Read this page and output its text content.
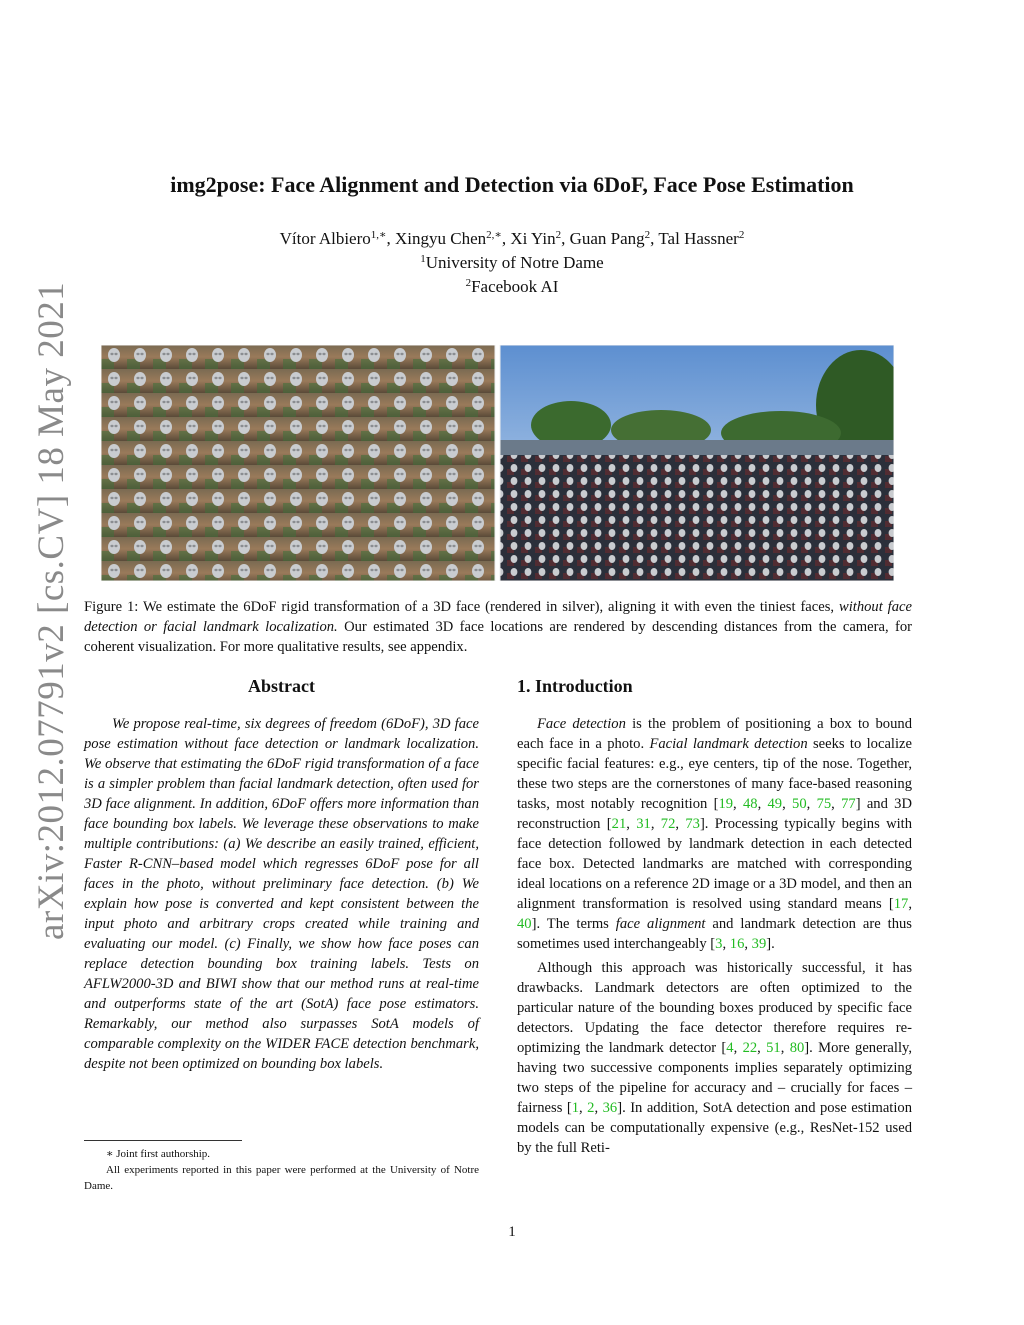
arXiv:2012.07791v2 [cs.CV] 18 May 2021
img2pose: Face Alignment and Detection via 6DoF, Face Pose Estimation
Vítor Albiero$^{1,∗}$, Xingyu Chen$^{2,∗}$, Xi Yin$^2$, Guan Pang$^2$, Tal Hassner$^2$
$^1$University of Notre Dame
$^2$Facebook AI
Figure 1: We estimate the 6DoF rigid transformation of a 3D face (rendered in silver), aligning it with even the tiniest faces, without face detection or facial landmark localization. Our estimated 3D face locations are rendered by descending distances from the camera, for coherent visualization. For more qualitative results, see appendix.
Abstract
We propose real-time, six degrees of freedom (6DoF), 3D face pose estimation without face detection or landmark localization. We observe that estimating the 6DoF rigid transformation of a face is a simpler problem than facial landmark detection, often used for 3D face alignment. In addition, 6DoF offers more information than face bounding box labels. We leverage these observations to make multiple contributions: (a) We describe an easily trained, efficient, Faster R-CNN–based model which regresses 6DoF pose for all faces in the photo, without preliminary face detection. (b) We explain how pose is converted and kept consistent between the input photo and arbitrary crops created while training and evaluating our model. (c) Finally, we show how face poses can replace detection bounding box training labels. Tests on AFLW2000-3D and BIWI show that our method runs at real-time and outperforms state of the art (SotA) face pose estimators. Remarkably, our method also surpasses SotA models of comparable complexity on the WIDER FACE detection benchmark, despite not been optimized on bounding box labels.
∗ Joint first authorship.
All experiments reported in this paper were performed at the University of Notre Dame.
1. Introduction

Face detection is the problem of positioning a box to bound each face in a photo. Facial landmark detection seeks to localize specific facial features: e.g., eye centers, tip of the nose. Together, these two steps are the cornerstones of many face-based reasoning tasks, most notably recognition [19, 48, 49, 50, 75, 77] and 3D reconstruction [21, 31, 72, 73]. Processing typically begins with face detection followed by landmark detection in each detected face box. Detected landmarks are matched with corresponding ideal locations on a reference 2D image or a 3D model, and then an alignment transformation is resolved using standard means [17, 40]. The terms face alignment and landmark detection are thus sometimes used interchangeably [3, 16, 39].

Although this approach was historically successful, it has drawbacks. Landmark detectors are often optimized to the particular nature of the bounding boxes produced by specific face detectors. Updating the face detector therefore requires re-optimizing the landmark detector [4, 22, 51, 80]. More generally, having two successive components implies separately optimizing two steps of the pipeline for accuracy and – crucially for faces – fairness [1, 2, 36]. In addition, SotA detection and pose estimation models can be computationally expensive (e.g., ResNet-152 used by the full Reti-

1
